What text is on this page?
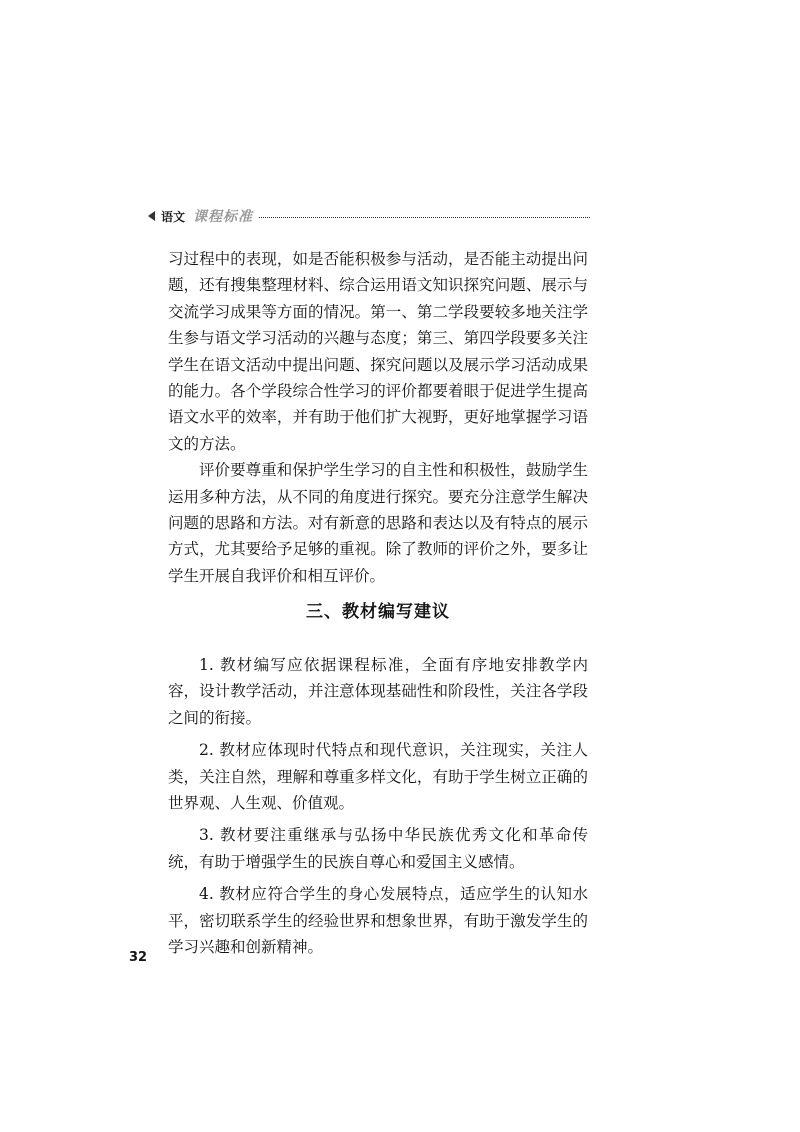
语文 课程标准

习过程中的表现，如是否能积极参与活动，是否能主动提出问题，还有搜集整理材料、综合运用语文知识探究问题、展示与交流学习成果等方面的情况。第一、第二学段要较多地关注学生参与语文学习活动的兴趣与态度；第三、第四学段要多关注学生在语文活动中提出问题、探究问题以及展示学习活动成果的能力。各个学段综合性学习的评价都要着眼于促进学生提高语文水平的效率，并有助于他们扩大视野，更好地掌握学习语文的方法。

评价要尊重和保护学生学习的自主性和积极性，鼓励学生运用多种方法，从不同的角度进行探究。要充分注意学生解决问题的思路和方法。对有新意的思路和表达以及有特点的展示方式，尤其要给予足够的重视。除了教师的评价之外，要多让学生开展自我评价和相互评价。

三、教材编写建议

1. 教材编写应依据课程标准，全面有序地安排教学内容，设计教学活动，并注意体现基础性和阶段性，关注各学段之间的衔接。

2. 教材应体现时代特点和现代意识，关注现实，关注人类，关注自然，理解和尊重多样文化，有助于学生树立正确的世界观、人生观、价值观。

3. 教材要注重继承与弘扬中华民族优秀文化和革命传统，有助于增强学生的民族自尊心和爱国主义感情。

4. 教材应符合学生的身心发展特点，适应学生的认知水平，密切联系学生的经验世界和想象世界，有助于激发学生的学习兴趣和创新精神。

32
